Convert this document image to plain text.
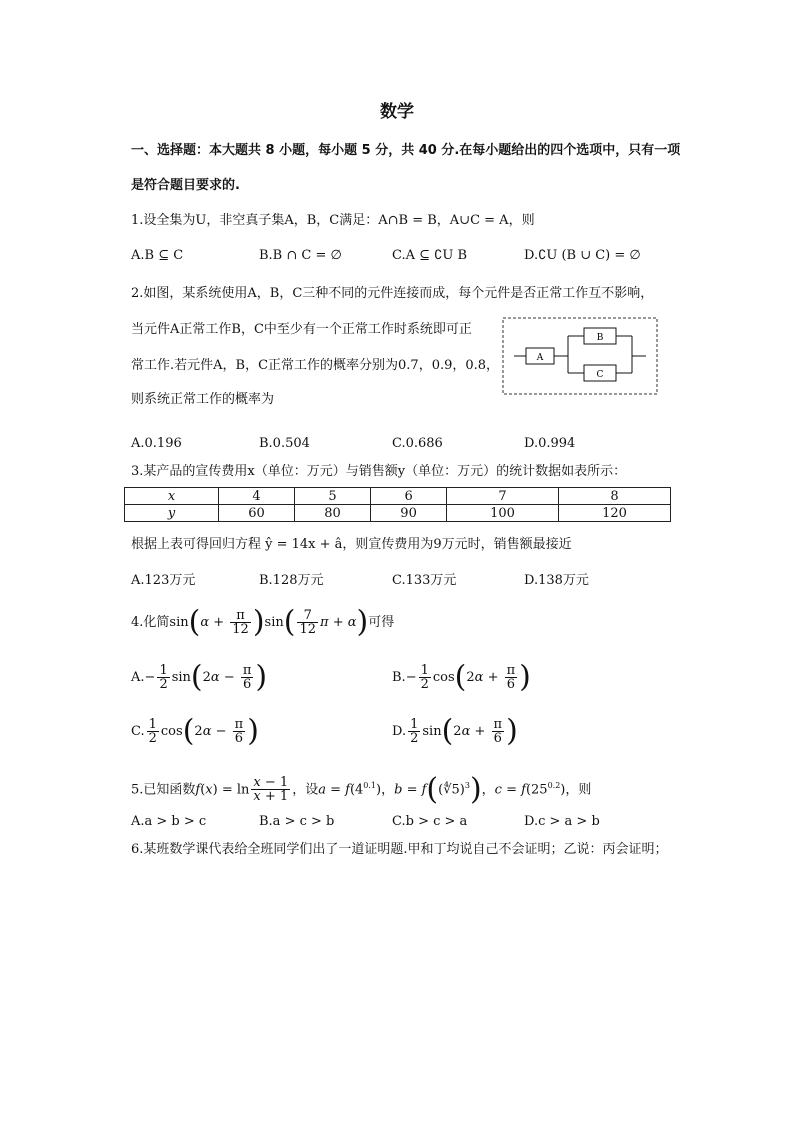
数学
一、选择题：本大题共 8 小题，每小题 5 分，共 40 分.在每小题给出的四个选项中，只有一项
是符合题目要求的.
1.设全集为U，非空真子集A，B，C满足：A∩B = B，A∪C = A，则
A.B ⊆ C	B.B ∩ C = ∅	C.A ⊆ ∁U B	D.∁U (B ∪ C) = ∅
2.如图，某系统使用A，B，C三种不同的元件连接而成，每个元件是否正常工作互不影响，
当元件A正常工作B，C中至少有一个正常工作时系统即可正
常工作.若元件A，B，C正常工作的概率分别为0.7，0.9，0.8，
则系统正常工作的概率为
A
B
C
A.0.196	B.0.504	C.0.686	D.0.994
3.某产品的宣传费用x（单位：万元）与销售额y（单位：万元）的统计数据如表所示：
x	4	5	6	7	8
y	60	80	90	100	120
根据上表可得回归方程 ŷ = 14x + â，则宣传费用为9万元时，销售额最接近
A.123万元	B.128万元	C.133万元	D.138万元
4.化简$\sin(\alpha + \frac{\pi}{12} )\sin( \frac{7}{12}$ π + α)可得
$A.- \frac{1}{2} \sin(2\alpha - \frac{\pi}{6}$ )	$B.- \frac{1}{2} \cos(2\alpha + \frac{\pi}{6}$ )
C. $\frac{1}{2} \cos(2\alpha - \frac{\pi}{6}$ )	D. $\frac{1}{2} \sin(2\alpha + \frac{\pi}{6}$ )
5.已知函数$f(x) = \ln \frac{x - 1}{x + 1}$ ，设$a = f(4^{0.1})$，b = f((∜5)$^3$)，$c = f(25^{0.2})$，则
A.a > b > c	B.a > c > b	C.b > c > a	D.c > a > b
6.某班数学课代表给全班同学们出了一道证明题.甲和丁均说自己不会证明；乙说：丙会证明；
